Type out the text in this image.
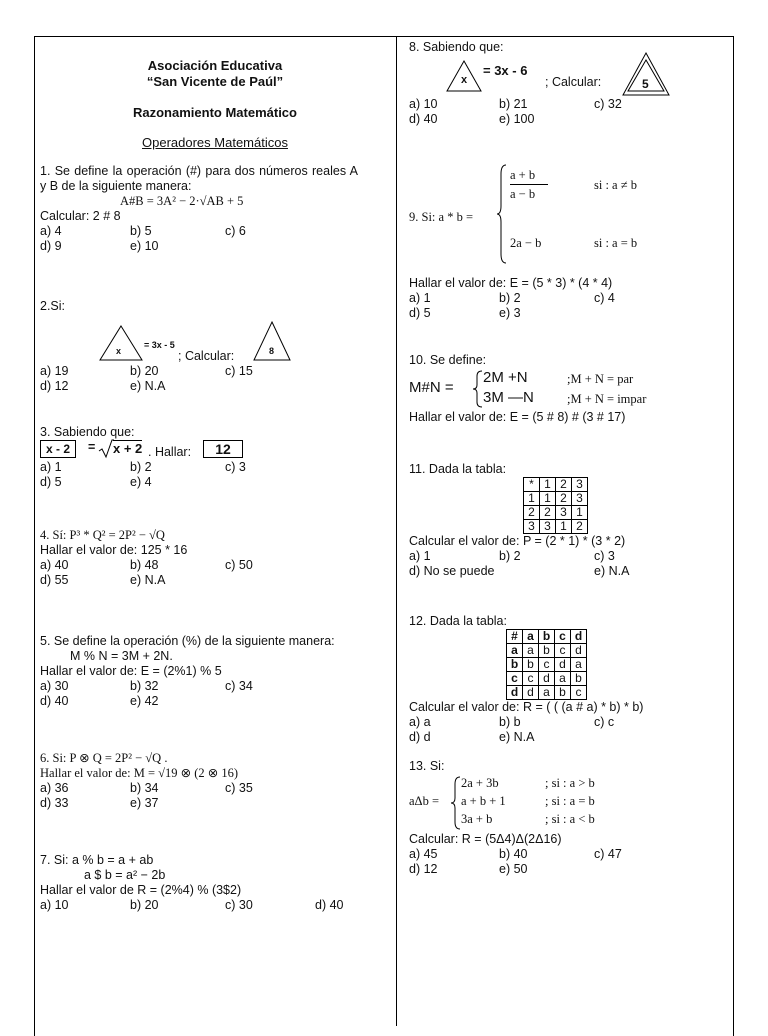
Asociación Educativa
“San Vicente de Paúl”
Razonamiento Matemático
Operadores Matemáticos
1. Se define la operación (#) para dos números reales A y B de la siguiente manera:
A#B = 3A² − 2·√AB + 5
Calcular: 2 # 8
a) 4	b) 5	c) 6
d) 9	e) 10
2.Si:
x
= 3x - 5
; Calcular:	8
a) 19	b) 20	c) 15
d) 12	e) N.A
3. Sabiendo que:
x - 2	= x + 2 . Hallar:	12
a) 1	b) 2	c) 3
d) 5	e) 4
4. Sí: P³ * Q² = 2P² − √Q
Hallar el valor de: 125 * 16
a) 40	b) 48	c) 50
d) 55	e) N.A
5. Se define la operación (%) de la siguiente manera:
M % N = 3M + 2N.
Hallar el valor de: E = (2%1) % 5
a) 30	b) 32	c) 34
d) 40	e) 42
6. Si: P ⊗ Q = 2P² − √Q .
Hallar el valor de: M = √19 ⊗ (2 ⊗ 16)
a) 36	b) 34	c) 35
d) 33	e) 37
7. Si: a % b = a + ab
a $ b = a² − 2b
Hallar el valor de R = (2%4) % (3$2)
a) 10	b) 20	c) 30	d) 40
8. Sabiendo que:
x
= 3x - 6
; Calcular:	5
a) 10	b) 21	c) 32
d) 40	e) 100
9. Si: a * b =
a + b
a − b
si : a ≠ b
2a − b	si : a = b
Hallar el valor de: E = (5 * 3) * (4 * 4)
a) 1	b) 2	c) 4
d) 5	e) 3
10. Se define:
M#N =
2M +N	;M + N = par
3M —N	;M + N = impar
Hallar el valor de: E = (5 # 8) # (3 # 17)
11. Dada la tabla:
*	1	2	3
1	1	2	3
2	2	3	1
3	3	1	2
Calcular el valor de: P = (2 * 1) * (3 * 2)
a) 1	b) 2	c) 3
d) No se puede	e) N.A
12. Dada la tabla:
#	a	b	c	d
a	a	b	c	d
b	b	c	d	a
c	c	d	a	b
d	d	a	b	c
Calcular el valor de: R = ( ( (a # a) * b) * b)
a) a	b) b	c) c
d) d	e) N.A
13. Si:
aΔb =
2a + 3b	; si : a > b
a + b + 1	; si : a = b
3a + b	; si : a < b
Calcular: R = (5Δ4)Δ(2Δ16)
a) 45	b) 40	c) 47
d) 12	e) 50
